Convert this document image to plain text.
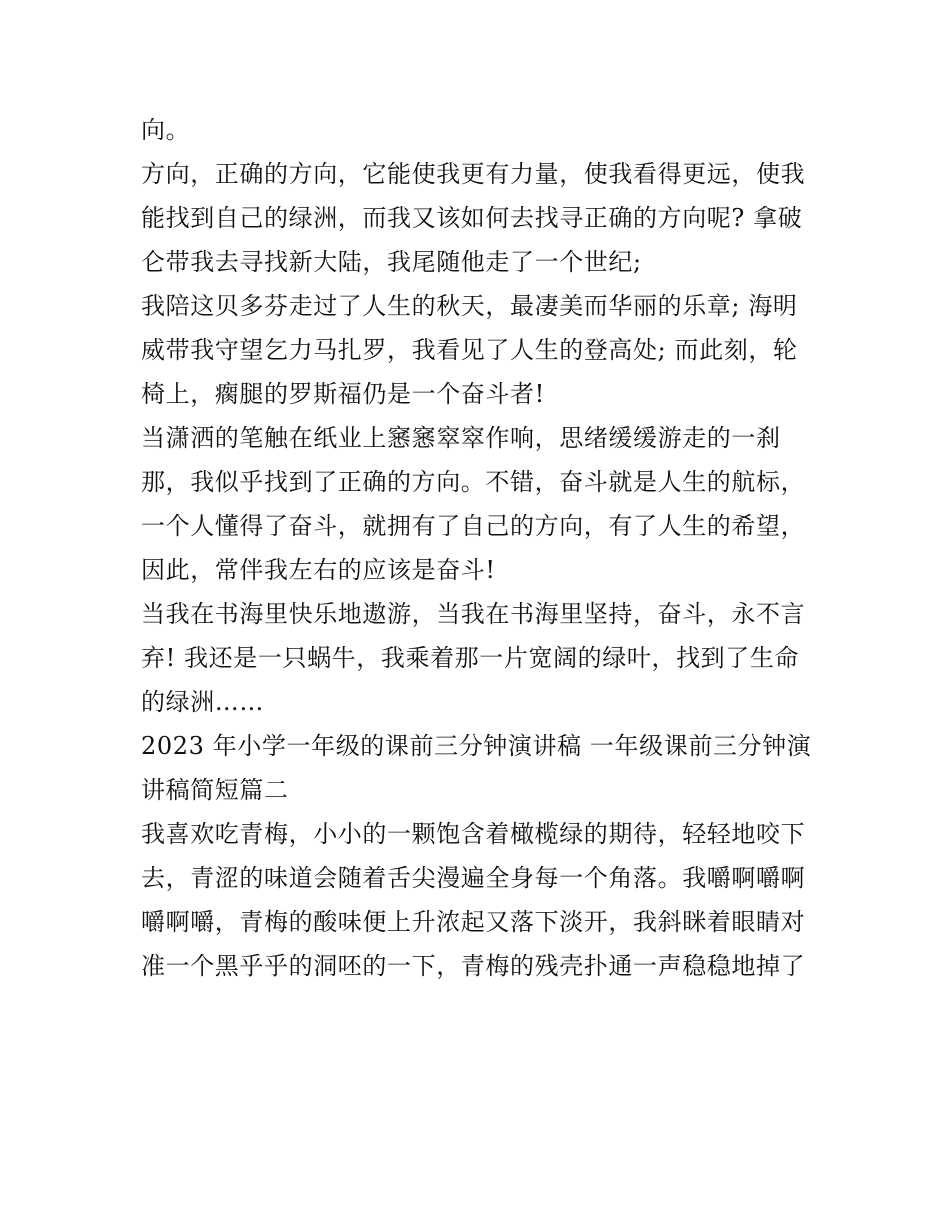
向。
方向，正确的方向，它能使我更有力量，使我看得更远，使我
能找到自己的绿洲，而我又该如何去找寻正确的方向呢? 拿破
仑带我去寻找新大陆，我尾随他走了一个世纪;
我陪这贝多芬走过了人生的秋天，最凄美而华丽的乐章; 海明
威带我守望乞力马扎罗，我看见了人生的登高处; 而此刻，轮
椅上，瘸腿的罗斯福仍是一个奋斗者!
当潇洒的笔触在纸业上窸窸窣窣作响，思绪缓缓游走的一刹
那，我似乎找到了正确的方向。不错，奋斗就是人生的航标，
一个人懂得了奋斗，就拥有了自己的方向，有了人生的希望，
因此，常伴我左右的应该是奋斗!
当我在书海里快乐地遨游，当我在书海里坚持，奋斗，永不言
弃! 我还是一只蜗牛，我乘着那一片宽阔的绿叶，找到了生命
的绿洲……
2023 年小学一年级的课前三分钟演讲稿 一年级课前三分钟演
讲稿简短篇二
我喜欢吃青梅，小小的一颗饱含着橄榄绿的期待，轻轻地咬下
去，青涩的味道会随着舌尖漫遍全身每一个角落。我嚼啊嚼啊
嚼啊嚼，青梅的酸味便上升浓起又落下淡开，我斜眯着眼睛对
准一个黑乎乎的洞呸的一下，青梅的残壳扑通一声稳稳地掉了
